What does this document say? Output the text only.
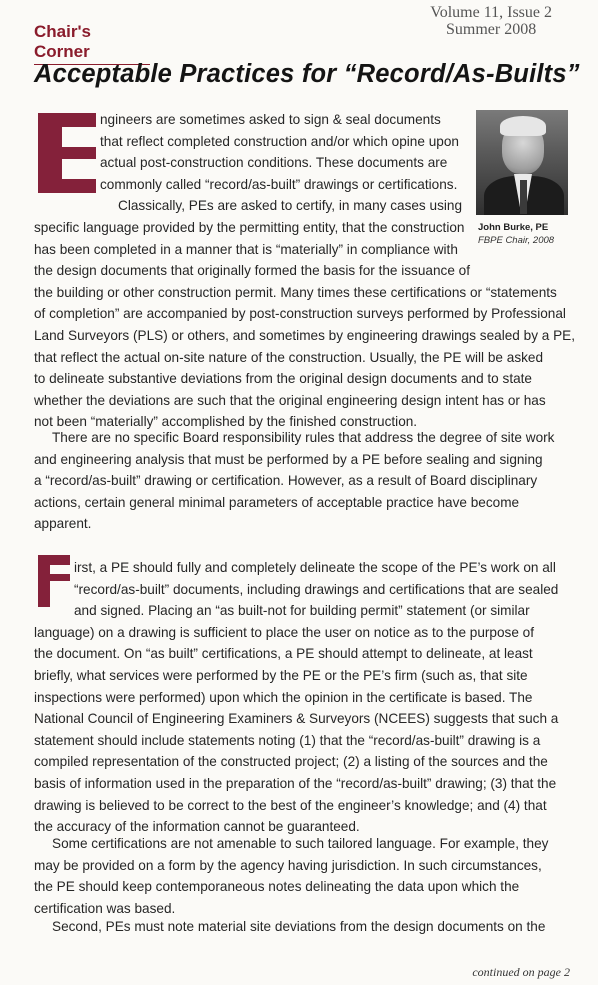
Chair's Corner
Volume 11, Issue 2
Summer 2008
Acceptable Practices for “Record/As-Builts”
John Burke, PE
FBPE Chair, 2008
ngineers are sometimes asked to sign & seal documents
that reflect completed construction and/or which opine upon
actual post-construction conditions. These documents are
commonly called “record/as-built” drawings or certifications.
Classically, PEs are asked to certify, in many cases using
specific language provided by the permitting entity, that the construction
has been completed in a manner that is “materially” in compliance with
the design documents that originally formed the basis for the issuance of
the building or other construction permit. Many times these certifications or “statements
of completion” are accompanied by post-construction surveys performed by Professional
Land Surveyors (PLS) or others, and sometimes by engineering drawings sealed by a PE,
that reflect the actual on-site nature of the construction. Usually, the PE will be asked
to delineate substantive deviations from the original design documents and to state
whether the deviations are such that the original engineering design intent has or has
not been “materially” accomplished by the finished construction.
There are no specific Board responsibility rules that address the degree of site work
and engineering analysis that must be performed by a PE before sealing and signing
a “record/as-built” drawing or certification. However, as a result of Board disciplinary
actions, certain general minimal parameters of acceptable practice have become
apparent.
irst, a PE should fully and completely delineate the scope of the PE’s work on all
“record/as-built” documents, including drawings and certifications that are sealed
and signed. Placing an “as built-not for building permit” statement (or similar
language) on a drawing is sufficient to place the user on notice as to the purpose of
the document. On “as built” certifications, a PE should attempt to delineate, at least
briefly, what services were performed by the PE or the PE’s firm (such as, that site
inspections were performed) upon which the opinion in the certificate is based. The
National Council of Engineering Examiners & Surveyors (NCEES) suggests that such a
statement should include statements noting (1) that the “record/as-built” drawing is a
compiled representation of the constructed project; (2) a listing of the sources and the
basis of information used in the preparation of the “record/as-built” drawing; (3) that the
drawing is believed to be correct to the best of the engineer’s knowledge; and (4) that
the accuracy of the information cannot be guaranteed.
Some certifications are not amenable to such tailored language. For example, they
may be provided on a form by the agency having jurisdiction. In such circumstances,
the PE should keep contemporaneous notes delineating the data upon which the
certification was based.
Second, PEs must note material site deviations from the design documents on the
continued on page 2
